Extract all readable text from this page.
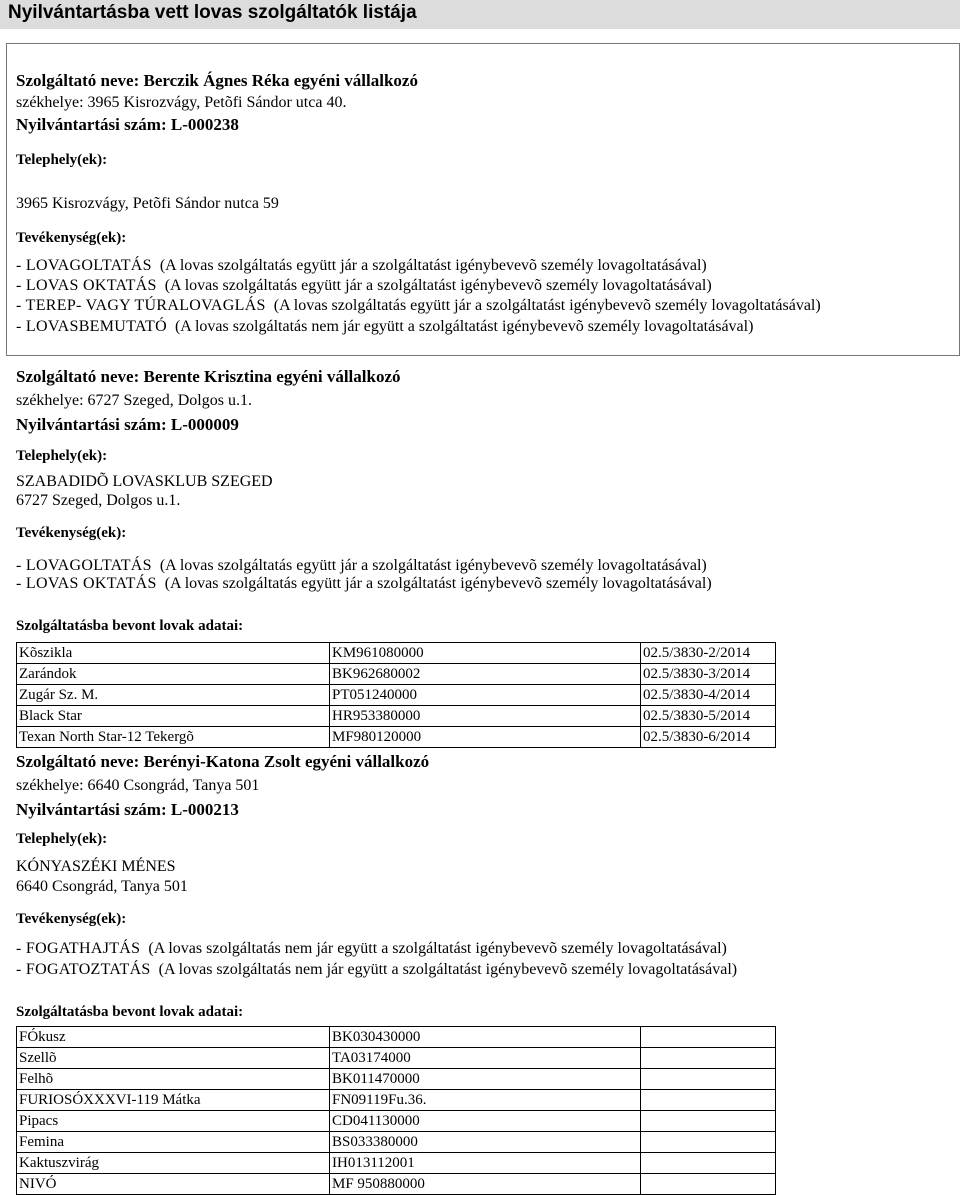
Nyilvántartásba vett lovas szolgáltatók listája
Szolgáltató neve: Berczik Ágnes Réka egyéni vállalkozó
székhelye: 3965 Kisrozvágy, Petõfi Sándor utca 40.
Nyilvántartási szám: L-000238
Telephely(ek):
3965 Kisrozvágy, Petõfi Sándor nutca 59
Tevékenység(ek):
- LOVAGOLTATÁS (A lovas szolgáltatás együtt jár a szolgáltatást igénybevevõ személy lovagoltatásával)
- LOVAS OKTATÁS (A lovas szolgáltatás együtt jár a szolgáltatást igénybevevõ személy lovagoltatásával)
- TEREP- VAGY TÚRALOVAGLÁS (A lovas szolgáltatás együtt jár a szolgáltatást igénybevevõ személy lovagoltatásával)
- LOVASBEMUTATÓ (A lovas szolgáltatás nem jár együtt a szolgáltatást igénybevevõ személy lovagoltatásával)
Szolgáltató neve: Berente Krisztina egyéni vállalkozó
székhelye: 6727 Szeged, Dolgos u.1.
Nyilvántartási szám: L-000009
Telephely(ek):
SZABADIDÕ LOVASKLUB SZEGED
6727 Szeged, Dolgos u.1.
Tevékenység(ek):
- LOVAGOLTATÁS (A lovas szolgáltatás együtt jár a szolgáltatást igénybevevõ személy lovagoltatásával)
- LOVAS OKTATÁS (A lovas szolgáltatás együtt jár a szolgáltatást igénybevevõ személy lovagoltatásával)
Szolgáltatásba bevont lovak adatai:
Kõszikla	KM961080000	02.5/3830-2/2014
Zarándok	BK962680002	02.5/3830-3/2014
Zugár Sz. M.	PT051240000	02.5/3830-4/2014
Black Star	HR953380000	02.5/3830-5/2014
Texan North Star-12 Tekergõ	MF980120000	02.5/3830-6/2014
Szolgáltató neve: Berényi-Katona Zsolt egyéni vállalkozó
székhelye: 6640 Csongrád, Tanya 501
Nyilvántartási szám: L-000213
Telephely(ek):
KÓNYASZÉKI MÉNES
6640 Csongrád, Tanya 501
Tevékenység(ek):
- FOGATHAJTÁS (A lovas szolgáltatás nem jár együtt a szolgáltatást igénybevevõ személy lovagoltatásával)
- FOGATOZTATÁS (A lovas szolgáltatás nem jár együtt a szolgáltatást igénybevevõ személy lovagoltatásával)
Szolgáltatásba bevont lovak adatai:
FÓkusz	BK030430000	
Szellõ	TA03174000	
Felhõ	BK011470000	
FURIOSÓXXXVI-119 Mátka	FN09119Fu.36.	
Pipacs	CD041130000	
Femina	BS033380000	
Kaktuszvirág	IH013112001	
NIVÓ	MF 950880000	
